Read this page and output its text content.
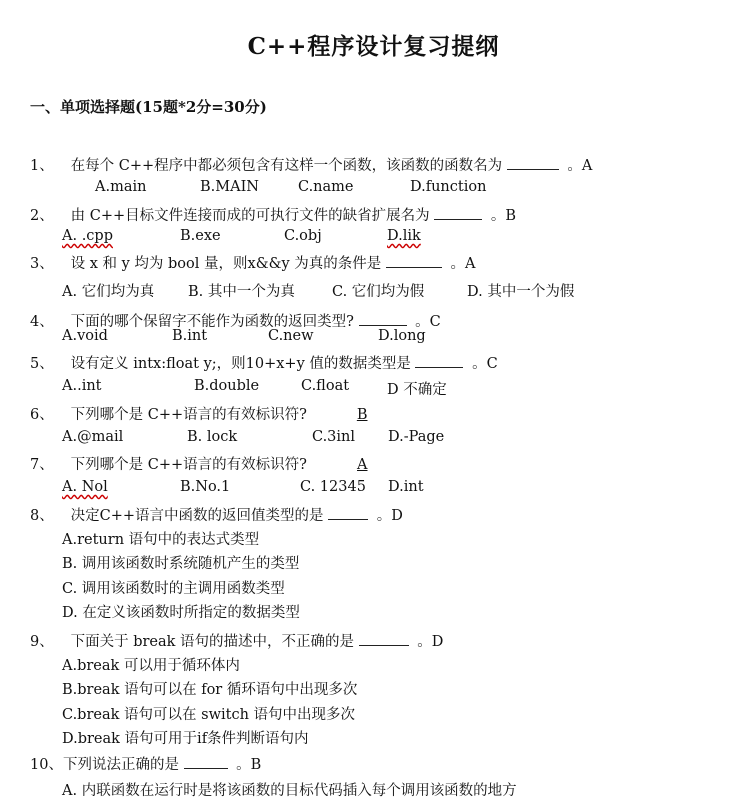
C++程序设计复习提纲
一、单项选择题(15题*2分=30分)
1、 在每个 C++程序中都必须包含有这样一个函数，该函数的函数名为	。A
A.main	B.MAIN	C.name	D.function
2、 由 C++目标文件连接而成的可执行文件的缺省扩展名为	。B
A. .cpp	B.exe	C.obj	D.lik
3、 设 x 和 y 均为 bool 量，则x&&y 为真的条件是	。A
A. 它们均为真 B. 其中一个为真	C. 它们均为假	D. 其中一个为假
4、 下面的哪个保留字不能作为函数的返回类型?	。C
A.void	B.int	C.new	D.long
5、 设有定义 intx:float y;，则10+x+y 值的数据类型是	。C
A..int	B.double	C.float	D 不确定
6、 下列哪个是 C++语言的有效标识符?	B
A.@mail	B. lock	C.3inl D.-Page
7、 下列哪个是 C++语言的有效标识符?	A
A. Nol	B.No.1	C. 12345 D.int
8、 决定C++语言中函数的返回值类型的是	。D
A.return 语句中的表达式类型
B. 调用该函数时系统随机产生的类型
C. 调用该函数时的主调用函数类型
D. 在定义该函数时所指定的数据类型
9、 下面关于 break 语句的描述中，不正确的是	。D
A.break 可以用于循环体内
B.break 语句可以在 for 循环语句中出现多次
C.break 语句可以在 switch 语句中出现多次
D.break 语句可用于if条件判断语句内
10、下列说法正确的是	。B
A. 内联函数在运行时是将该函数的目标代码插入每个调用该函数的地方
